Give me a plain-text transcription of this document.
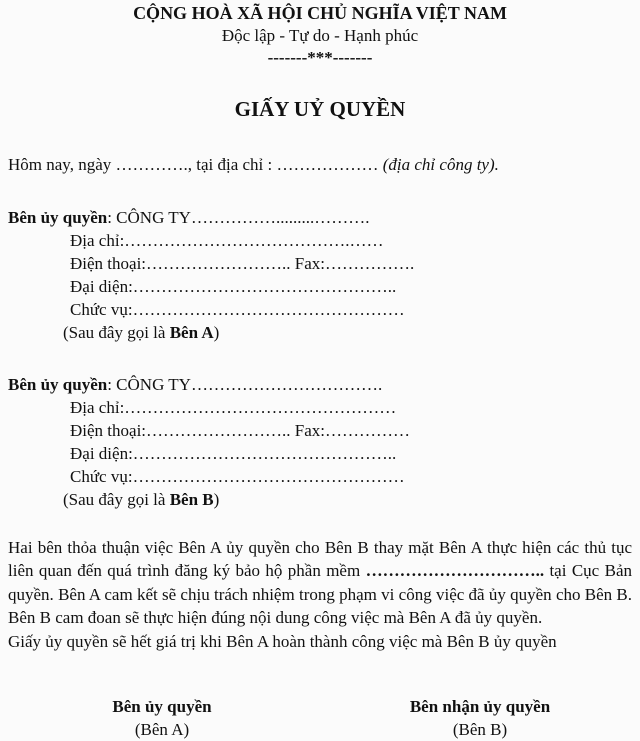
CỘNG HOÀ XÃ HỘI CHỦ NGHĨA VIỆT NAM
Độc lập - Tự do - Hạnh phúc
-------***-------
GIẤY UỶ QUYỀN
Hôm nay, ngày …………., tại địa chỉ : ……………… (địa chỉ công ty).
Bên ủy quyền: CÔNG TY…………….........……….
Địa chỉ:………………………………….……
Điện thoại:…………………….. Fax:…………….
Đại diện:………………………………………..
Chức vụ:…………………………………………
(Sau đây gọi là Bên A)
Bên ủy quyền: CÔNG TY…………………………….
Địa chỉ:…………………………………………
Điện thoại:…………………….. Fax:……………
Đại diện:………………………………………..
Chức vụ:…………………………………………
(Sau đây gọi là Bên B)
Hai bên thỏa thuận việc Bên A ủy quyền cho Bên B thay mặt Bên A thực hiện các thủ tục liên quan đến quá trình đăng ký bảo hộ phần mềm ………………………….. tại Cục Bản quyền. Bên A cam kết sẽ chịu trách nhiệm trong phạm vi công việc đã ủy quyền cho Bên B. Bên B cam đoan sẽ thực hiện đúng nội dung công việc mà Bên A đã ủy quyền.
Giấy ủy quyền sẽ hết giá trị khi Bên A hoàn thành công việc mà Bên B ủy quyền
Bên ủy quyền
(Bên A)
Bên nhận ủy quyền
(Bên B)
